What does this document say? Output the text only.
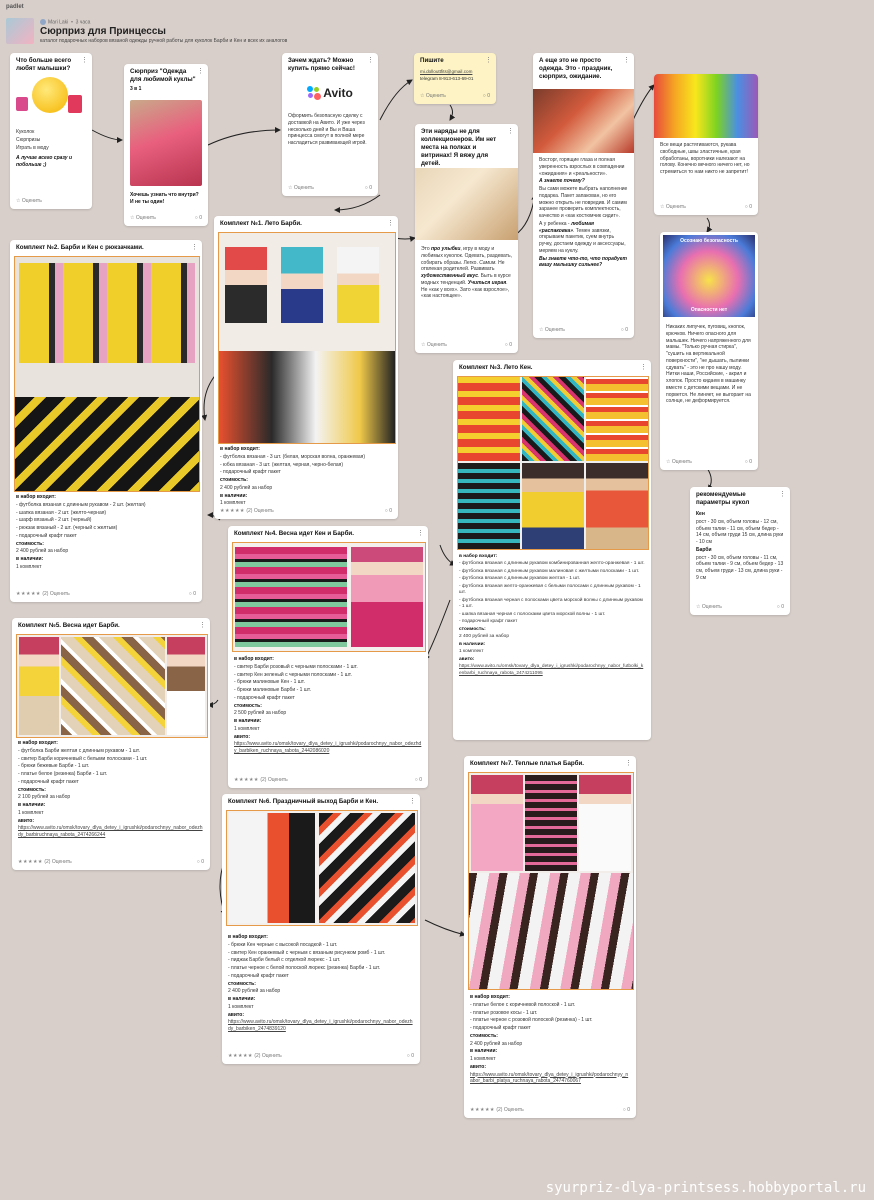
padlet
Mari Laki  •  3 часа
Сюрприз для Принцессы
каталог подарочных наборов вязаной одежды ручной работы для куколок Барби и Кен и всех их аналогов
⋮
Что больше всего любят малышки?

Куколок

Сюрпризы

Играть в моду

А лучше всего сразу и побольше ;)

☆ Оценить
⋮
Сюрприз "Одежда для любимой куклы"
3 в 1
Хочешь узнать что внутри? И не ты один!
☆ Оценить	○ 0
⋮
Зачем ждать? Можно купить прямо сейчас!
Avito
Оформить безопасную сделку с доставкой на Авито. И уже через несколько дней и Вы и Ваша принцесса смогут в полной мере насладиться развивающей игрой.
☆ Оценить	○ 0
⋮
Пишите

mi.dollouttfits@gmail.com

telegram 8-913-613-69-01

☆ Оценить	○ 0
⋮
Эти наряды не для коллекционеров. Им нет места на полках и витринах! Я вяжу для детей.
Это про улыбки, игру в моду и любимых куколок. Одевать, раздевать, собирать образы. Легко. Самим. Не отвлекая родителей. Развивать художественный вкус. Быть в курсе модных тенденций. Учиться играя. Не «как у всех». Зато «как взрослое», «как настоящее».
☆ Оценить	○ 0
⋮
А еще это не просто одежда. Это - праздник, сюрприз, ожидание.

Восторг, горящие глаза и полная уверенность взрослых в совпадении «ожидания» и «реальности».

А знаете почему?

Вы сами можете выбрать наполнение подарка. Пакет запакован, но его можно открыть не повредив. И самим заранее проверить комплектность, качество и «как костюмчик сидит».

А у ребенка - любимая «распаковка». Темен завязки, открываем пакетик, суем внутрь ручку, достаем одежду и аксессуары, меряем на куклу.

Вы знаете что-то, что порадует вашу малышку сильнее?

☆ Оценить	○ 0
Все вещи растягиваются, рукава свободные, швы эластичные, края обработаны, воротники налезают на голову. Конечно вечного ничего нет, но стремиться то нам никто не запретит!
☆ Оценить	○ 0
Осознаю безопасность
Опасности нет
Никаких липучек, пуговиц, кнопок, крючков. Ничего опасного для малышек. Ничего напряженного для мамы. "Только ручная стирка", "сушить на вертикальной поверхности", "не дышать, пылинки сдувать" - это не про нашу моду. Нитки наши, Российские, - акрил и хлопок. Просто кидаем в машинку вместе с детскими вещами. И не порвется. Не линяет, не выгорает на солнце, не деформируется.
☆ Оценить	○ 0
⋮
рекомендуемые параметры кукол

Кен

рост - 30 см, объем головы - 12 см, объем талии - 11 см, объем бедер - 14 см, объем груди 15 см, длина руки - 10 см

Барби

рост - 30 см, объем головы - 11 см, объем талии - 9 см, объем бедер - 13 см, объем груди - 13 см, длина руки - 9 см

☆ Оценить	○ 0
⋮
Комплект №1. Лето Барби.

в набор входит:

- футболка вязаная - 3 шт. (белая, морская волна, оранжевая)

- юбка вязаная - 3 шт. (желтая, черная, черно-белая)

- подарочный крафт пакет

стоимость:

2 400 рублей за набор

в наличии:

1 комплект

★★★★★ (2) Оценить	○ 0
⋮
Комплект №2. Барби и Кен с рюкзачками.

в набор входит:

- футболка вязаная с длинным рукавом - 2 шт. (желтая)

- шапка вязаная - 2 шт. (желто-черная)

- шарф вязаный - 2 шт. (черный)

- рюкзак вязаный - 2 шт. (черный с желтым)

- подарочный крафт пакет

стоимость:

2 400 рублей за набор

в наличии:

1 комплект

★★★★★ (2) Оценить	○ 0
⋮
Комплект №3. Лето Кен.

в набор входит:

- футболка вязаная с длинным рукавом комбинированная желто-оранжевая - 1 шт.

- футболка вязаная с длинным рукавом малиновая с желтыми полосками - 1 шт.

- футболка вязаная с длинным рукавом желтая - 1 шт.

- футболка вязаная желто-оранжевая с белыми полосами с длинным рукавом - 1 шт.

- футболка вязаная черная с полосками цвета морской волны с длинным рукавом - 1 шт.

- шапка вязаная черная с полосками цвета морской волны - 1 шт.

- подарочный крафт пакет

стоимость:

2 400 рублей за набор

в наличии:

1 комплект

авито:

https://www.avito.ru/omsk/tovary_dlya_detey_i_igrushki/podarochnyy_nabor_futbolki_kenbarbi_ruchnaya_rabota_2474211095

⋮
Комплект №4. Весна идет Кен и Барби.

в набор входит:

- свитер Барби розовый с черными полосками - 1 шт.

- свитер Кен зеленый с черными полосками - 1 шт.

- брюки малиновые Кен - 1 шт.

- брюки малиновые Барби - 1 шт.

- подарочный крафт пакет

стоимость:

2 500 рублей за набор

в наличии:

1 комплект

авито:

https://www.avito.ru/omsk/tovary_dlya_detey_i_igrushki/podarochnyy_nabor_odezhdy_barbiken_ruchnaya_rabota_2442086020

★★★★★ (2) Оценить	○ 0
⋮
Комплект №5. Весна идет Барби.

в набор входит:

- футболка Барби желтая с длинным рукавом - 1 шт.

- свитер Барби коричневый с белыми полосками - 1 шт.

- брюки бежевые Барби - 1 шт.

- платье белое (резинка) Барби - 1 шт.

- подарочный крафт пакет

стоимость:

2 100 рублей за набор

в наличии:

1 комплект

авито:

https://www.avito.ru/omsk/tovary_dlya_detey_i_igrushki/podarochnyy_nabor_odezhdy_barbiruchnaya_rabota_2474266244

★★★★★ (2) Оценить	○ 0
⋮
Комплект №6. Праздничный выход Барби и Кен.

в набор входит:

- брюки Кен черные с высокой посадкой - 1 шт.

- свитер Кен оранжевый с черным с вязаным рисунком ромб - 1 шт.

- пиджак Барби белый с отделкой люрекс - 1 шт.

- платье черное с белой полоской люрекс (резинка) Барби - 1 шт.

- подарочный крафт пакет

стоимость:

2 400 рублей за набор

в наличии:

1 комплект

авито:

https://www.avito.ru/omsk/tovary_dlya_detey_i_igrushki/podarochnyy_nabor_odezhdy_barbiken_2474839120

★★★★★ (2) Оценить	○ 0
⋮
Комплект №7. Теплые платья Барби.

в набор входит:

- платье белое с коричневой полоской - 1 шт.

- платье розовое косы - 1 шт.

- платье черное с розовой полоской (резинка) - 1 шт.

- подарочный крафт пакет

стоимость:

2 400 рублей за набор

в наличии:

1 комплект

авито:

https://www.avito.ru/omsk/tovary_dlya_detey_i_igrushki/podarochnyy_nabor_barbi_platya_ruchnaya_rabota_2474760067

★★★★★ (2) Оценить	○ 0
syurpriz-dlya-printsess.hobbyportal.ru
